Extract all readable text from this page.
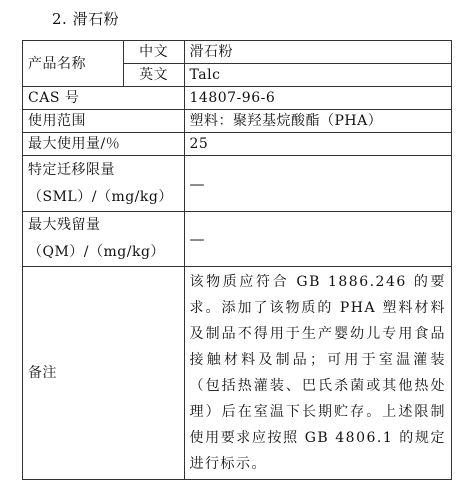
2. 滑石粉
产品名称	中文	滑石粉
	英文	Talc
CAS 号		14807-96-6
使用范围		塑料：聚羟基烷酸酯（PHA）
最大使用量/％		25

特定迁移限量
（SML）/（mg/kg）		—

最大残留量
（QM）/（mg/kg）		—
备注		该物质应符合 GB 1886.246 的要求。添加了该物质的 PHA 塑料材料及制品不得用于生产婴幼儿专用食品接触材料及制品；可用于室温灌装（包括热灌装、巴氏杀菌或其他热处理）后在室温下长期贮存。上述限制使用要求应按照 GB 4806.1 的规定进行标示。
